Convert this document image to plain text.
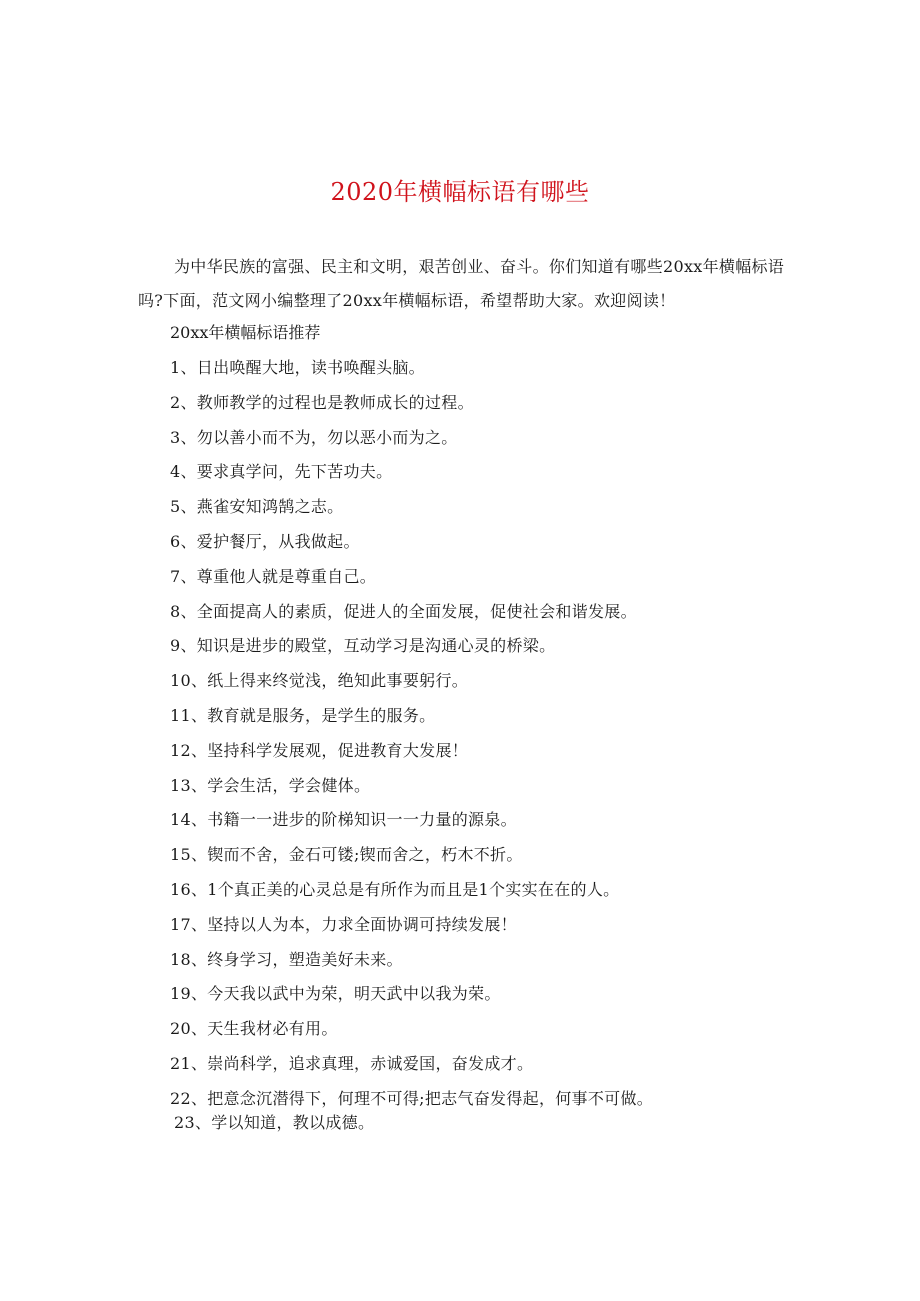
2020年横幅标语有哪些

为中华民族的富强、民主和文明，艰苦创业、奋斗。你们知道有哪些20xx年横幅标语吗?下面，范文网小编整理了20xx年横幅标语，希望帮助大家。欢迎阅读！

20xx年横幅标语推荐
1、日出唤醒大地，读书唤醒头脑。
2、教师教学的过程也是教师成长的过程。
3、勿以善小而不为，勿以恶小而为之。
4、要求真学问，先下苦功夫。
5、燕雀安知鸿鹄之志。
6、爱护餐厅，从我做起。
7、尊重他人就是尊重自己。
8、全面提高人的素质，促进人的全面发展，促使社会和谐发展。
9、知识是进步的殿堂，互动学习是沟通心灵的桥梁。
10、纸上得来终觉浅，绝知此事要躬行。
11、教育就是服务，是学生的服务。
12、坚持科学发展观，促进教育大发展！
13、学会生活，学会健体。
14、书籍一一进步的阶梯知识一一力量的源泉。
15、锲而不舍，金石可镂;锲而舍之，朽木不折。
16、1个真正美的心灵总是有所作为而且是1个实实在在的人。
17、坚持以人为本，力求全面协调可持续发展！
18、终身学习，塑造美好未来。
19、今天我以武中为荣，明天武中以我为荣。
20、天生我材必有用。
21、崇尚科学，追求真理，赤诚爱国，奋发成才。
22、把意念沉潜得下，何理不可得;把志气奋发得起，何事不可做。
23、学以知道，教以成德。
